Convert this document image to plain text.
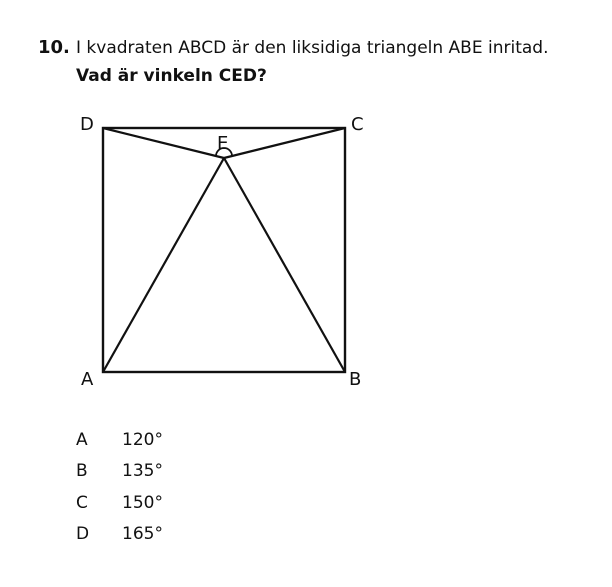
10. I kvadraten ABCD är den liksidiga triangeln ABE inritad.
Vad är vinkeln CED?
D	C
E
A	B
A	120°
B	135°
C	150°
D	165°
